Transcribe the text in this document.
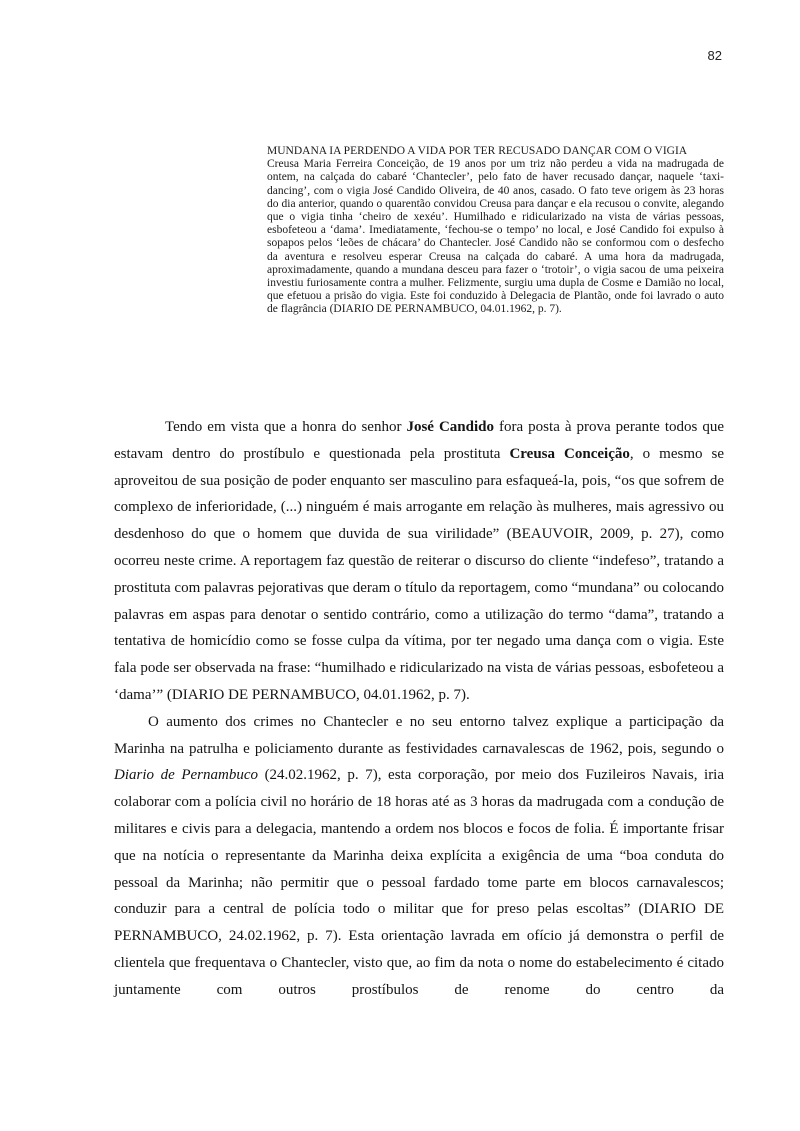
82

MUNDANA IA PERDENDO A VIDA POR TER RECUSADO DANÇAR COM O VIGIA

Creusa Maria Ferreira Conceição, de 19 anos por um triz não perdeu a vida na madrugada de ontem, na calçada do cabaré ‘Chantecler’, pelo fato de haver recusado dançar, naquele ‘taxi-dancing’, com o vigia José Candido Oliveira, de 40 anos, casado. O fato teve origem às 23 horas do dia anterior, quando o quarentão convidou Creusa para dançar e ela recusou o convite, alegando que o vigia tinha ‘cheiro de xexéu’. Humilhado e ridicularizado na vista de várias pessoas, esbofeteou a ‘dama’. Imediatamente, ‘fechou-se o tempo’ no local, e José Candido foi expulso à sopapos pelos ‘leões de chácara’ do Chantecler. José Candido não se conformou com o desfecho da aventura e resolveu esperar Creusa na calçada do cabaré. A uma hora da madrugada, aproximadamente, quando a mundana desceu para fazer o ‘trotoir’, o vigia sacou de uma peixeira investiu furiosamente contra a mulher. Felizmente, surgiu uma dupla de Cosme e Damião no local, que efetuou a prisão do vigia. Este foi conduzido à Delegacia de Plantão, onde foi lavrado o auto de flagrância (DIARIO DE PERNAMBUCO, 04.01.1962, p. 7).

Tendo em vista que a honra do senhor José Candido fora posta à prova perante todos que estavam dentro do prostíbulo e questionada pela prostituta Creusa Conceição, o mesmo se aproveitou de sua posição de poder enquanto ser masculino para esfaqueá-la, pois, “os que sofrem de complexo de inferioridade, (...) ninguém é mais arrogante em relação às mulheres, mais agressivo ou desdenhoso do que o homem que duvida de sua virilidade” (BEAUVOIR, 2009, p. 27), como ocorreu neste crime. A reportagem faz questão de reiterar o discurso do cliente “indefeso”, tratando a prostituta com palavras pejorativas que deram o título da reportagem, como “mundana” ou colocando palavras em aspas para denotar o sentido contrário, como a utilização do termo “dama”, tratando a tentativa de homicídio como se fosse culpa da vítima, por ter negado uma dança com o vigia. Este fala pode ser observada na frase: “humilhado e ridicularizado na vista de várias pessoas, esbofeteou a ‘dama’” (DIARIO DE PERNAMBUCO, 04.01.1962, p. 7).

O aumento dos crimes no Chantecler e no seu entorno talvez explique a participação da Marinha na patrulha e policiamento durante as festividades carnavalescas de 1962, pois, segundo o Diario de Pernambuco (24.02.1962, p. 7), esta corporação, por meio dos Fuzileiros Navais, iria colaborar com a polícia civil no horário de 18 horas até as 3 horas da madrugada com a condução de militares e civis para a delegacia, mantendo a ordem nos blocos e focos de folia. É importante frisar que na notícia o representante da Marinha deixa explícita a exigência de uma “boa conduta do pessoal da Marinha; não permitir que o pessoal fardado tome parte em blocos carnavalescos; conduzir para a central de polícia todo o militar que for preso pelas escoltas” (DIARIO DE PERNAMBUCO, 24.02.1962, p. 7). Esta orientação lavrada em ofício já demonstra o perfil de clientela que frequentava o Chantecler, visto que, ao fim da nota o nome do estabelecimento é citado juntamente com outros prostíbulos de renome do centro da
